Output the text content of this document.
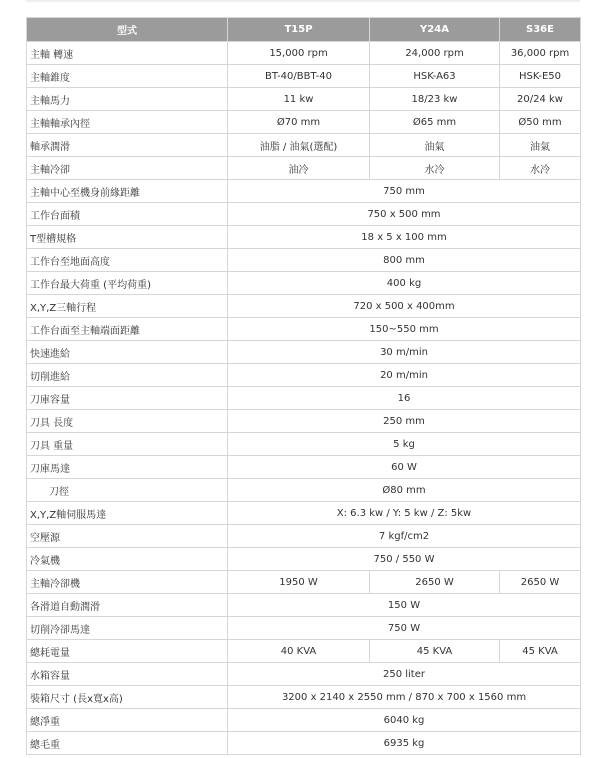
型式	T15P	Y24A	S36E
主軸 轉速	15,000 rpm	24,000 rpm	36,000 rpm
主軸錐度	BT-40/BBT-40	HSK-A63	HSK-E50
主軸馬力	11 kw	18/23 kw	20/24 kw
主軸軸承內徑	Ø70 mm	Ø65 mm	Ø50 mm
軸承潤滑	油脂 / 油氣(選配)	油氣	油氣
主軸冷卻	油冷	水冷	水冷
主軸中心至機身前緣距離	750 mm		
工作台面積	750 x 500 mm		
T型槽規格	18 x 5 x 100 mm		
工作台至地面高度	800 mm		
工作台最大荷重 (平均荷重)	400 kg		
X,Y,Z三軸行程	720 x 500 x 400mm		
工作台面至主軸端面距離	150~550 mm		
快速進給	30 m/min		
切削進給	20 m/min		
刀庫容量	16		
刀具 長度	250 mm		
刀具 重量	5 kg		
刀庫馬達	60 W		
刀徑	Ø80 mm		
X,Y,Z軸伺服馬達	X: 6.3 kw / Y: 5 kw / Z: 5kw		
空壓源	7 kgf/cm2		
冷氣機	750 / 550 W		
主軸冷卻機	1950 W	2650 W	2650 W
各滑道自動潤滑	150 W		
切削冷卻馬達	750 W		
總耗電量	40 KVA	45 KVA	45 KVA
水箱容量	250 liter		
裝箱尺寸 (長x寬x高)	3200 x 2140 x 2550 mm / 870 x 700 x 1560 mm		
總淨重	6040 kg		
總毛重	6935 kg		
